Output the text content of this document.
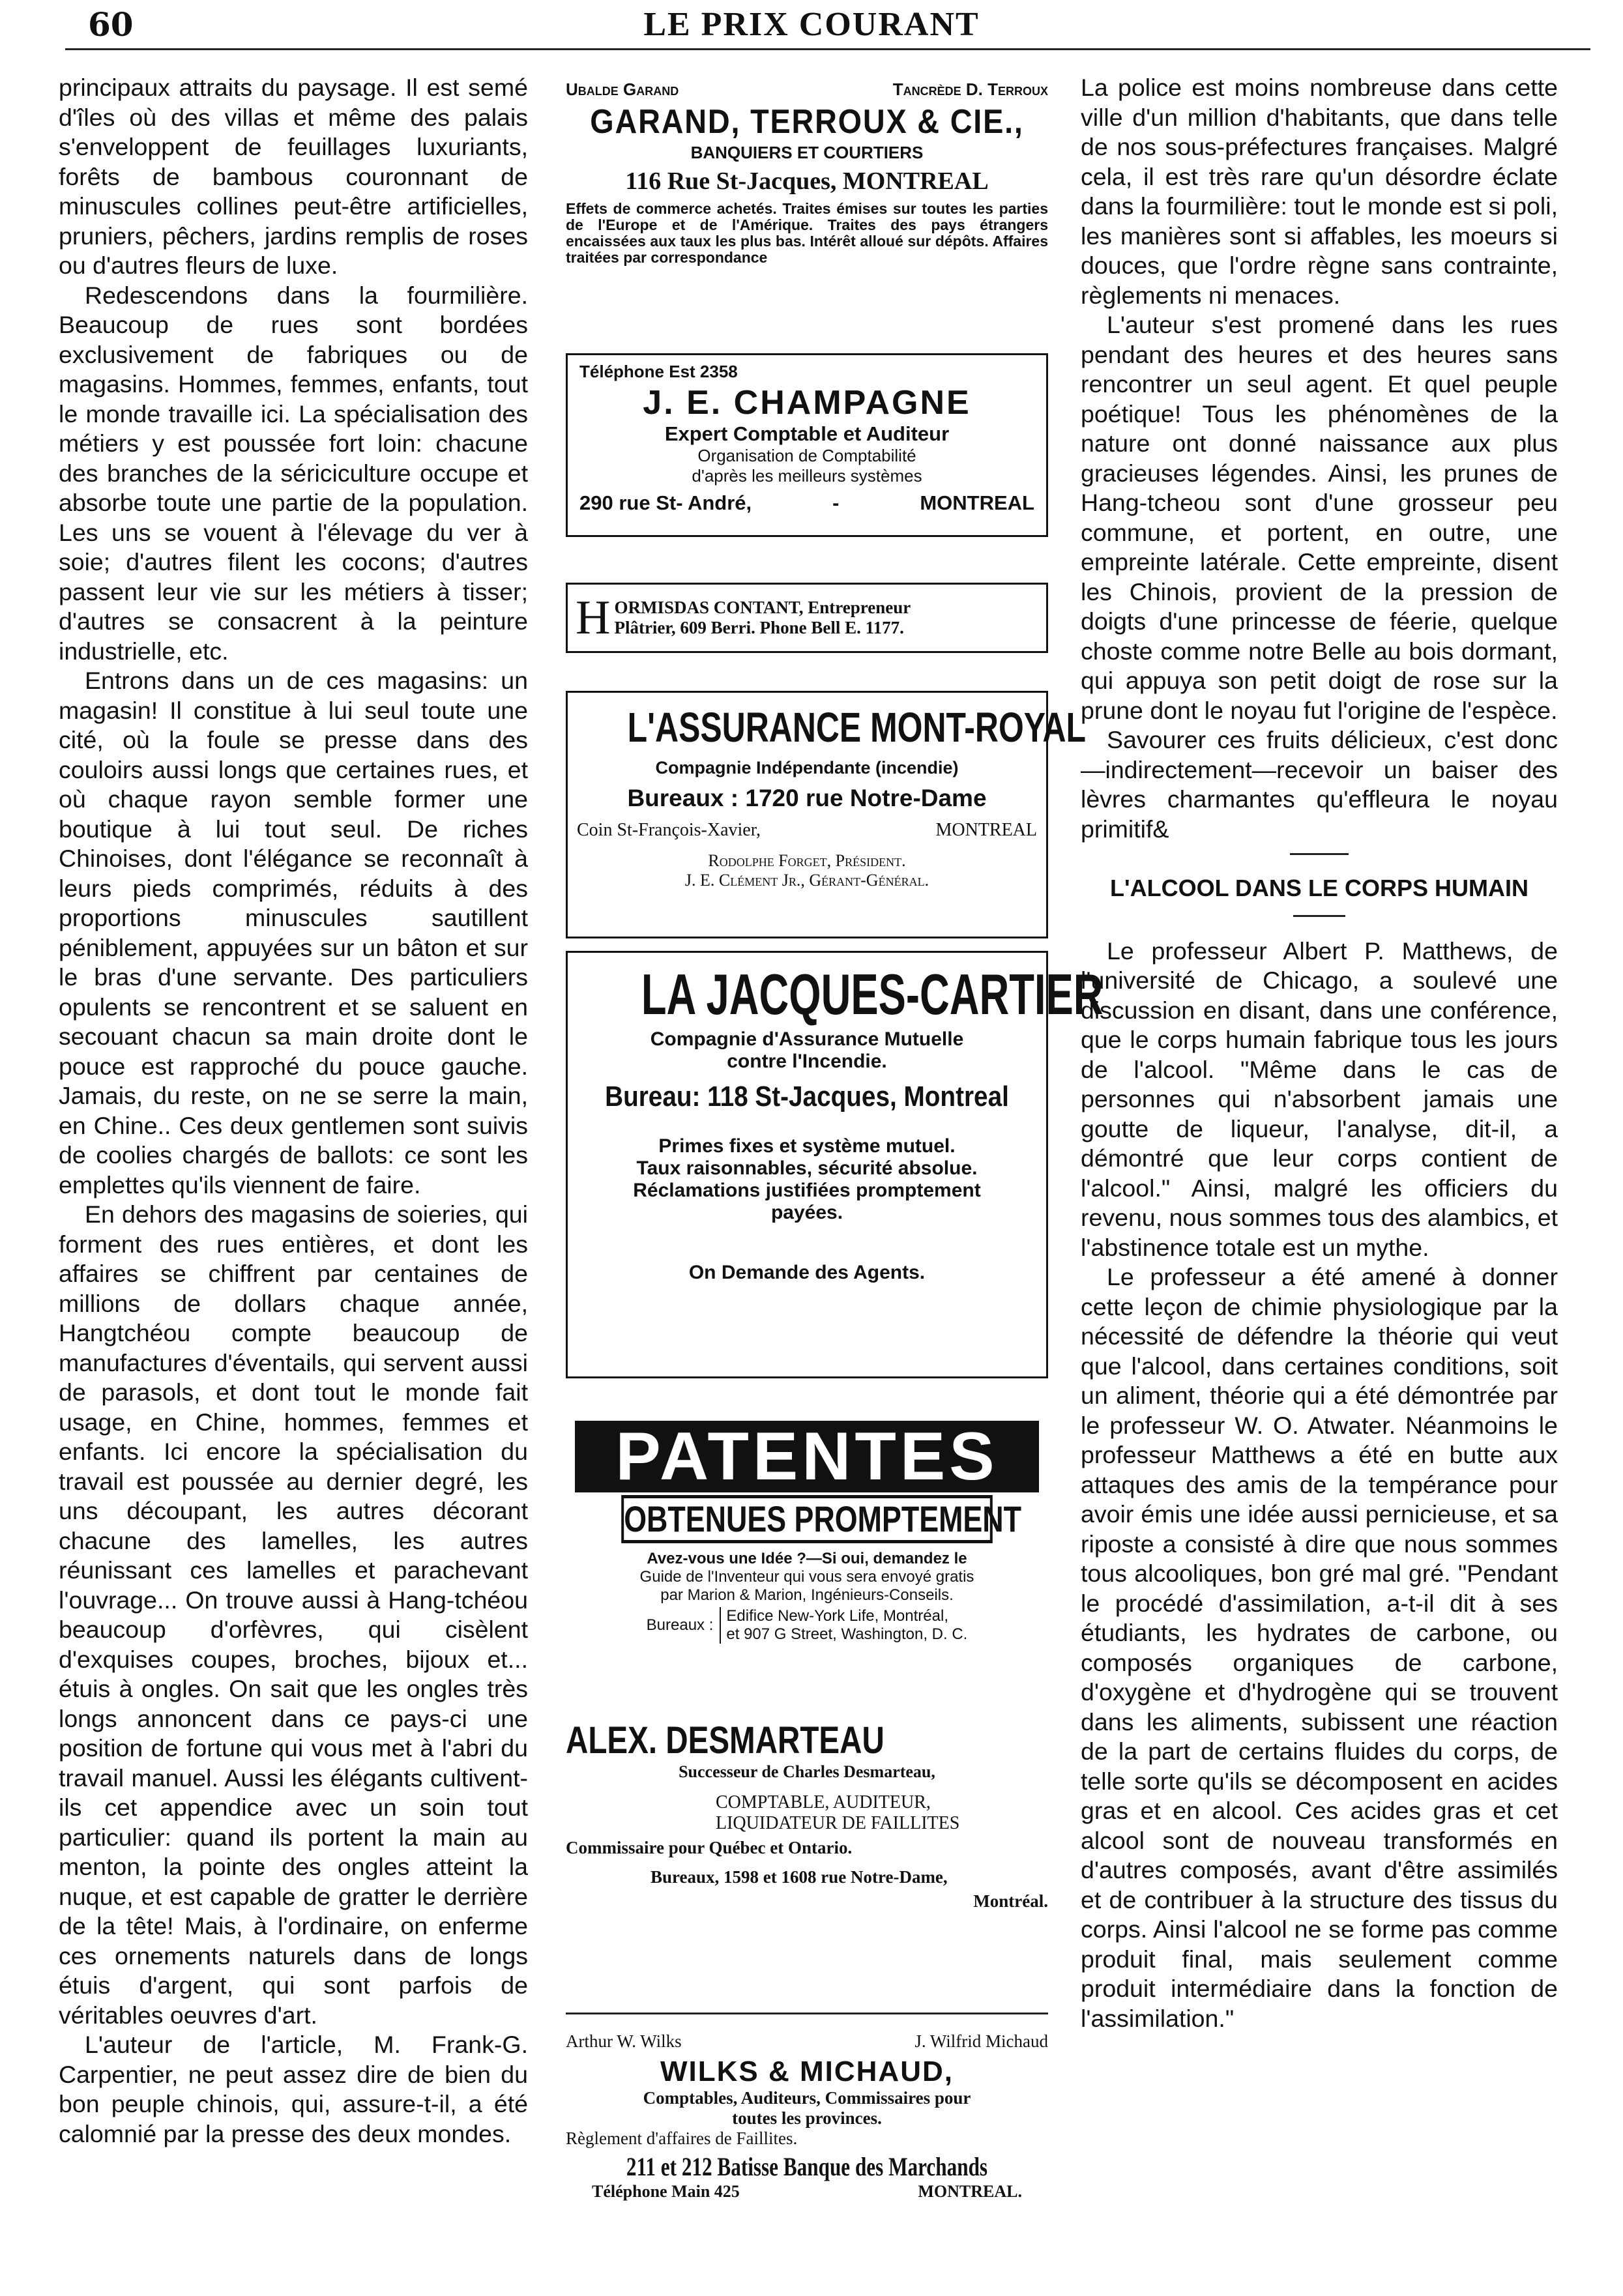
60	LE PRIX COURANT

principaux attraits du paysage. Il est semé d'îles où des villas et même des palais s'enveloppent de feuillages luxuriants, forêts de bambous couronnant de minuscules collines peut-être artificielles, pruniers, pêchers, jardins remplis de roses ou d'autres fleurs de luxe.

Redescendons dans la fourmilière. Beaucoup de rues sont bordées exclusivement de fabriques ou de magasins. Hommes, femmes, enfants, tout le monde travaille ici. La spécialisation des métiers y est poussée fort loin: chacune des branches de la sériciculture occupe et absorbe toute une partie de la population. Les uns se vouent à l'élevage du ver à soie; d'autres filent les cocons; d'autres passent leur vie sur les métiers à tisser; d'autres se consacrent à la peinture industrielle, etc.

Entrons dans un de ces magasins: un magasin! Il constitue à lui seul toute une cité, où la foule se presse dans des couloirs aussi longs que certaines rues, et où chaque rayon semble former une boutique à lui tout seul. De riches Chinoises, dont l'élégance se reconnaît à leurs pieds comprimés, réduits à des proportions minuscules sautillent péniblement, appuyées sur un bâton et sur le bras d'une servante. Des particuliers opulents se rencontrent et se saluent en secouant chacun sa main droite dont le pouce est rapproché du pouce gauche. Jamais, du reste, on ne se serre la main, en Chine.. Ces deux gentlemen sont suivis de coolies chargés de ballots: ce sont les emplettes qu'ils viennent de faire.

En dehors des magasins de soieries, qui forment des rues entières, et dont les affaires se chiffrent par centaines de millions de dollars chaque année, Hangtchéou compte beaucoup de manufactures d'éventails, qui servent aussi de parasols, et dont tout le monde fait usage, en Chine, hommes, femmes et enfants. Ici encore la spécialisation du travail est poussée au dernier degré, les uns découpant, les autres décorant chacune des lamelles, les autres réunissant ces lamelles et parachevant l'ouvrage... On trouve aussi à Hang-tchéou beaucoup d'orfèvres, qui cisèlent d'exquises coupes, broches, bijoux et... étuis à ongles. On sait que les ongles très longs annoncent dans ce pays-ci une position de fortune qui vous met à l'abri du travail manuel. Aussi les élégants cultivent-ils cet appendice avec un soin tout particulier: quand ils portent la main au menton, la pointe des ongles atteint la nuque, et est capable de gratter le derrière de la tête! Mais, à l'ordinaire, on enferme ces ornements naturels dans de longs étuis d'argent, qui sont parfois de véritables oeuvres d'art.

L'auteur de l'article, M. Frank-G. Carpentier, ne peut assez dire de bien du bon peuple chinois, qui, assure-t-il, a été calomnié par la presse des deux mondes.

Ubalde Garand	Tancrède D. Terroux
GARAND, TERROUX & CIE.,
BANQUIERS ET COURTIERS
116 Rue St-Jacques, MONTREAL
Effets de commerce achetés. Traites émises sur toutes les parties de l'Europe et de l'Amérique. Traites des pays étrangers encaissées aux taux les plus bas. Intérêt alloué sur dépôts. Affaires traitées par correspondance
Téléphone Est 2358
J. E. CHAMPAGNE
Expert Comptable et Auditeur
Organisation de Comptabilité
d'après les meilleurs systèmes
290 rue St- André,	-	MONTREAL
H ORMISDAS CONTANT, Entrepreneur
Plâtrier, 609 Berri. Phone Bell E. 1177.
L'ASSURANCE MONT-ROYAL
Compagnie Indépendante (incendie)
Bureaux : 1720 rue Notre-Dame
Coin St-François-Xavier,	MONTREAL
Rodolphe Forget, Président.
J. E. Clément Jr., Gérant-Général.
LA JACQUES-CARTIER
Compagnie d'Assurance Mutuelle
contre l'Incendie.
Bureau: 118 St-Jacques, Montreal
Primes fixes et système mutuel.
Taux raisonnables, sécurité absolue.
Réclamations justifiées promptement
payées.
On Demande des Agents.
PATENTES
OBTENUES PROMPTEMENT
Avez-vous une Idée ?—Si oui, demandez le
Guide de l'Inventeur qui vous sera envoyé gratis
par Marion & Marion, Ingénieurs-Conseils.
Bureaux :
Edifice New-York Life, Montréal,
et 907 G Street, Washington, D. C.
ALEX. DESMARTEAU
Successeur de Charles Desmarteau,
COMPTABLE, AUDITEUR,
LIQUIDATEUR DE FAILLITES
Commissaire pour Québec et Ontario.
Bureaux, 1598 et 1608 rue Notre-Dame,
Montréal.
Arthur W. Wilks	J. Wilfrid Michaud
WILKS & MICHAUD,
Comptables, Auditeurs, Commissaires pour
toutes les provinces.
Règlement d'affaires de Faillites.
211 et 212 Batisse Banque des Marchands
Téléphone Main 425	MONTREAL.

La police est moins nombreuse dans cette ville d'un million d'habitants, que dans telle de nos sous-préfectures françaises. Malgré cela, il est très rare qu'un désordre éclate dans la fourmilière: tout le monde est si poli, les manières sont si affables, les moeurs si douces, que l'ordre règne sans contrainte, règlements ni menaces.

L'auteur s'est promené dans les rues pendant des heures et des heures sans rencontrer un seul agent. Et quel peuple poétique! Tous les phénomènes de la nature ont donné naissance aux plus gracieuses légendes. Ainsi, les prunes de Hang-tcheou sont d'une grosseur peu commune, et portent, en outre, une empreinte latérale. Cette empreinte, disent les Chinois, provient de la pression de doigts d'une princesse de féerie, quelque choste comme notre Belle au bois dormant, qui appuya son petit doigt de rose sur la prune dont le noyau fut l'origine de l'espèce.

Savourer ces fruits délicieux, c'est donc—indirectement—recevoir un baiser des lèvres charmantes qu'effleura le noyau primitif&

L'ALCOOL DANS LE CORPS HUMAIN

Le professeur Albert P. Matthews, de l'université de Chicago, a soulevé une discussion en disant, dans une conférence, que le corps humain fabrique tous les jours de l'alcool. "Même dans le cas de personnes qui n'absorbent jamais une goutte de liqueur, l'analyse, dit-il, a démontré que leur corps contient de l'alcool." Ainsi, malgré les officiers du revenu, nous sommes tous des alambics, et l'abstinence totale est un mythe.

Le professeur a été amené à donner cette leçon de chimie physiologique par la nécessité de défendre la théorie qui veut que l'alcool, dans certaines conditions, soit un aliment, théorie qui a été démontrée par le professeur W. O. Atwater. Néanmoins le professeur Matthews a été en butte aux attaques des amis de la tempérance pour avoir émis une idée aussi pernicieuse, et sa riposte a consisté à dire que nous sommes tous alcooliques, bon gré mal gré. "Pendant le procédé d'assimilation, a-t-il dit à ses étudiants, les hydrates de carbone, ou composés organiques de carbone, d'oxygène et d'hydrogène qui se trouvent dans les aliments, subissent une réaction de la part de certains fluides du corps, de telle sorte qu'ils se décomposent en acides gras et en alcool. Ces acides gras et cet alcool sont de nouveau transformés en d'autres composés, avant d'être assimilés et de contribuer à la structure des tissus du corps. Ainsi l'alcool ne se forme pas comme produit final, mais seulement comme produit intermédiaire dans la fonction de l'assimilation."
